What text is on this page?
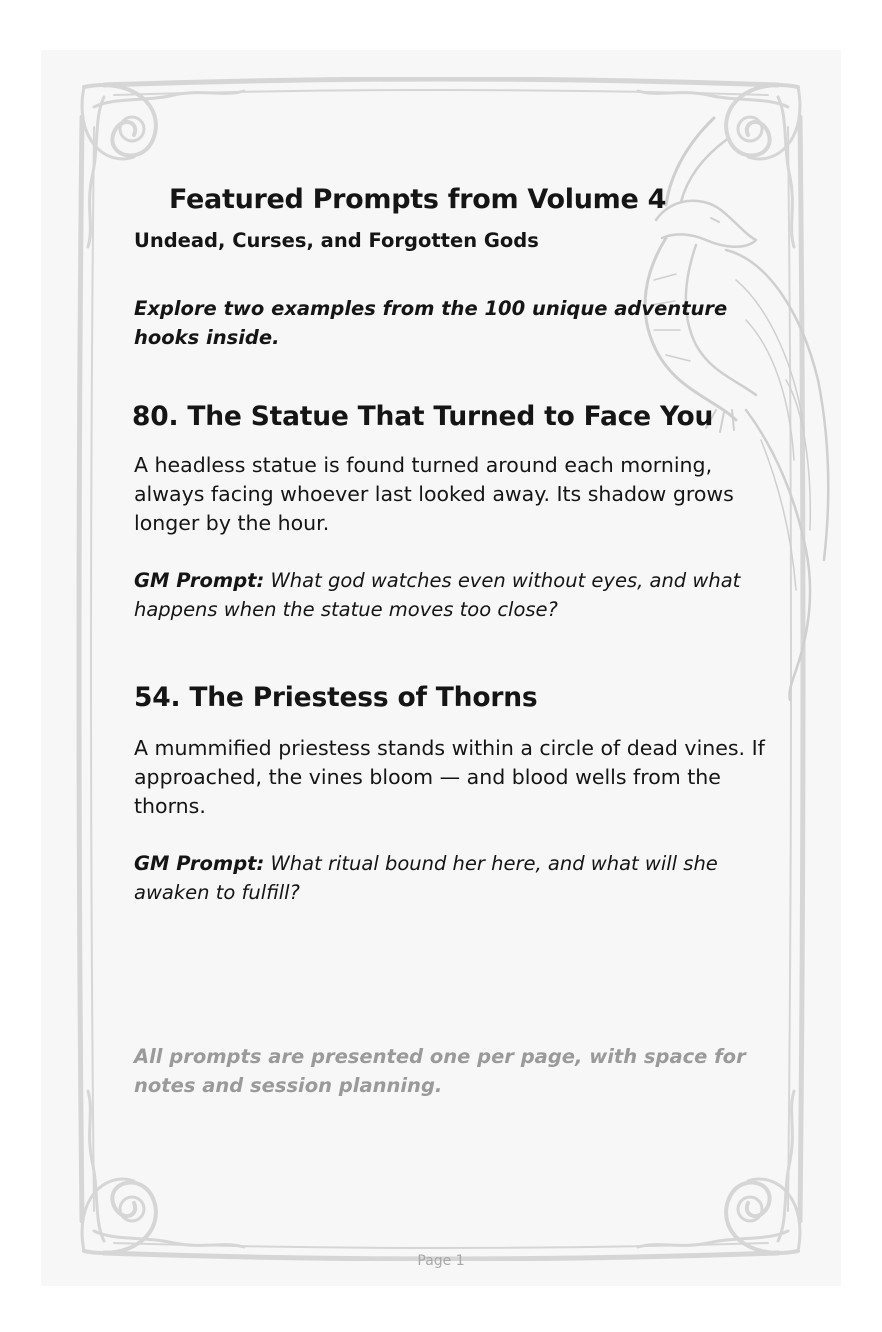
Featured Prompts from Volume 4
Undead, Curses, and Forgotten Gods
Explore two examples from the 100 unique adventure hooks inside.
80. The Statue That Turned to Face You
A headless statue is found turned around each morning, always facing whoever last looked away. Its shadow grows longer by the hour.
GM Prompt: What god watches even without eyes, and what happens when the statue moves too close?
54. The Priestess of Thorns
A mummified priestess stands within a circle of dead vines. If approached, the vines bloom — and blood wells from the thorns.
GM Prompt: What ritual bound her here, and what will she awaken to fulfill?
All prompts are presented one per page, with space for notes and session planning.
Page 1
